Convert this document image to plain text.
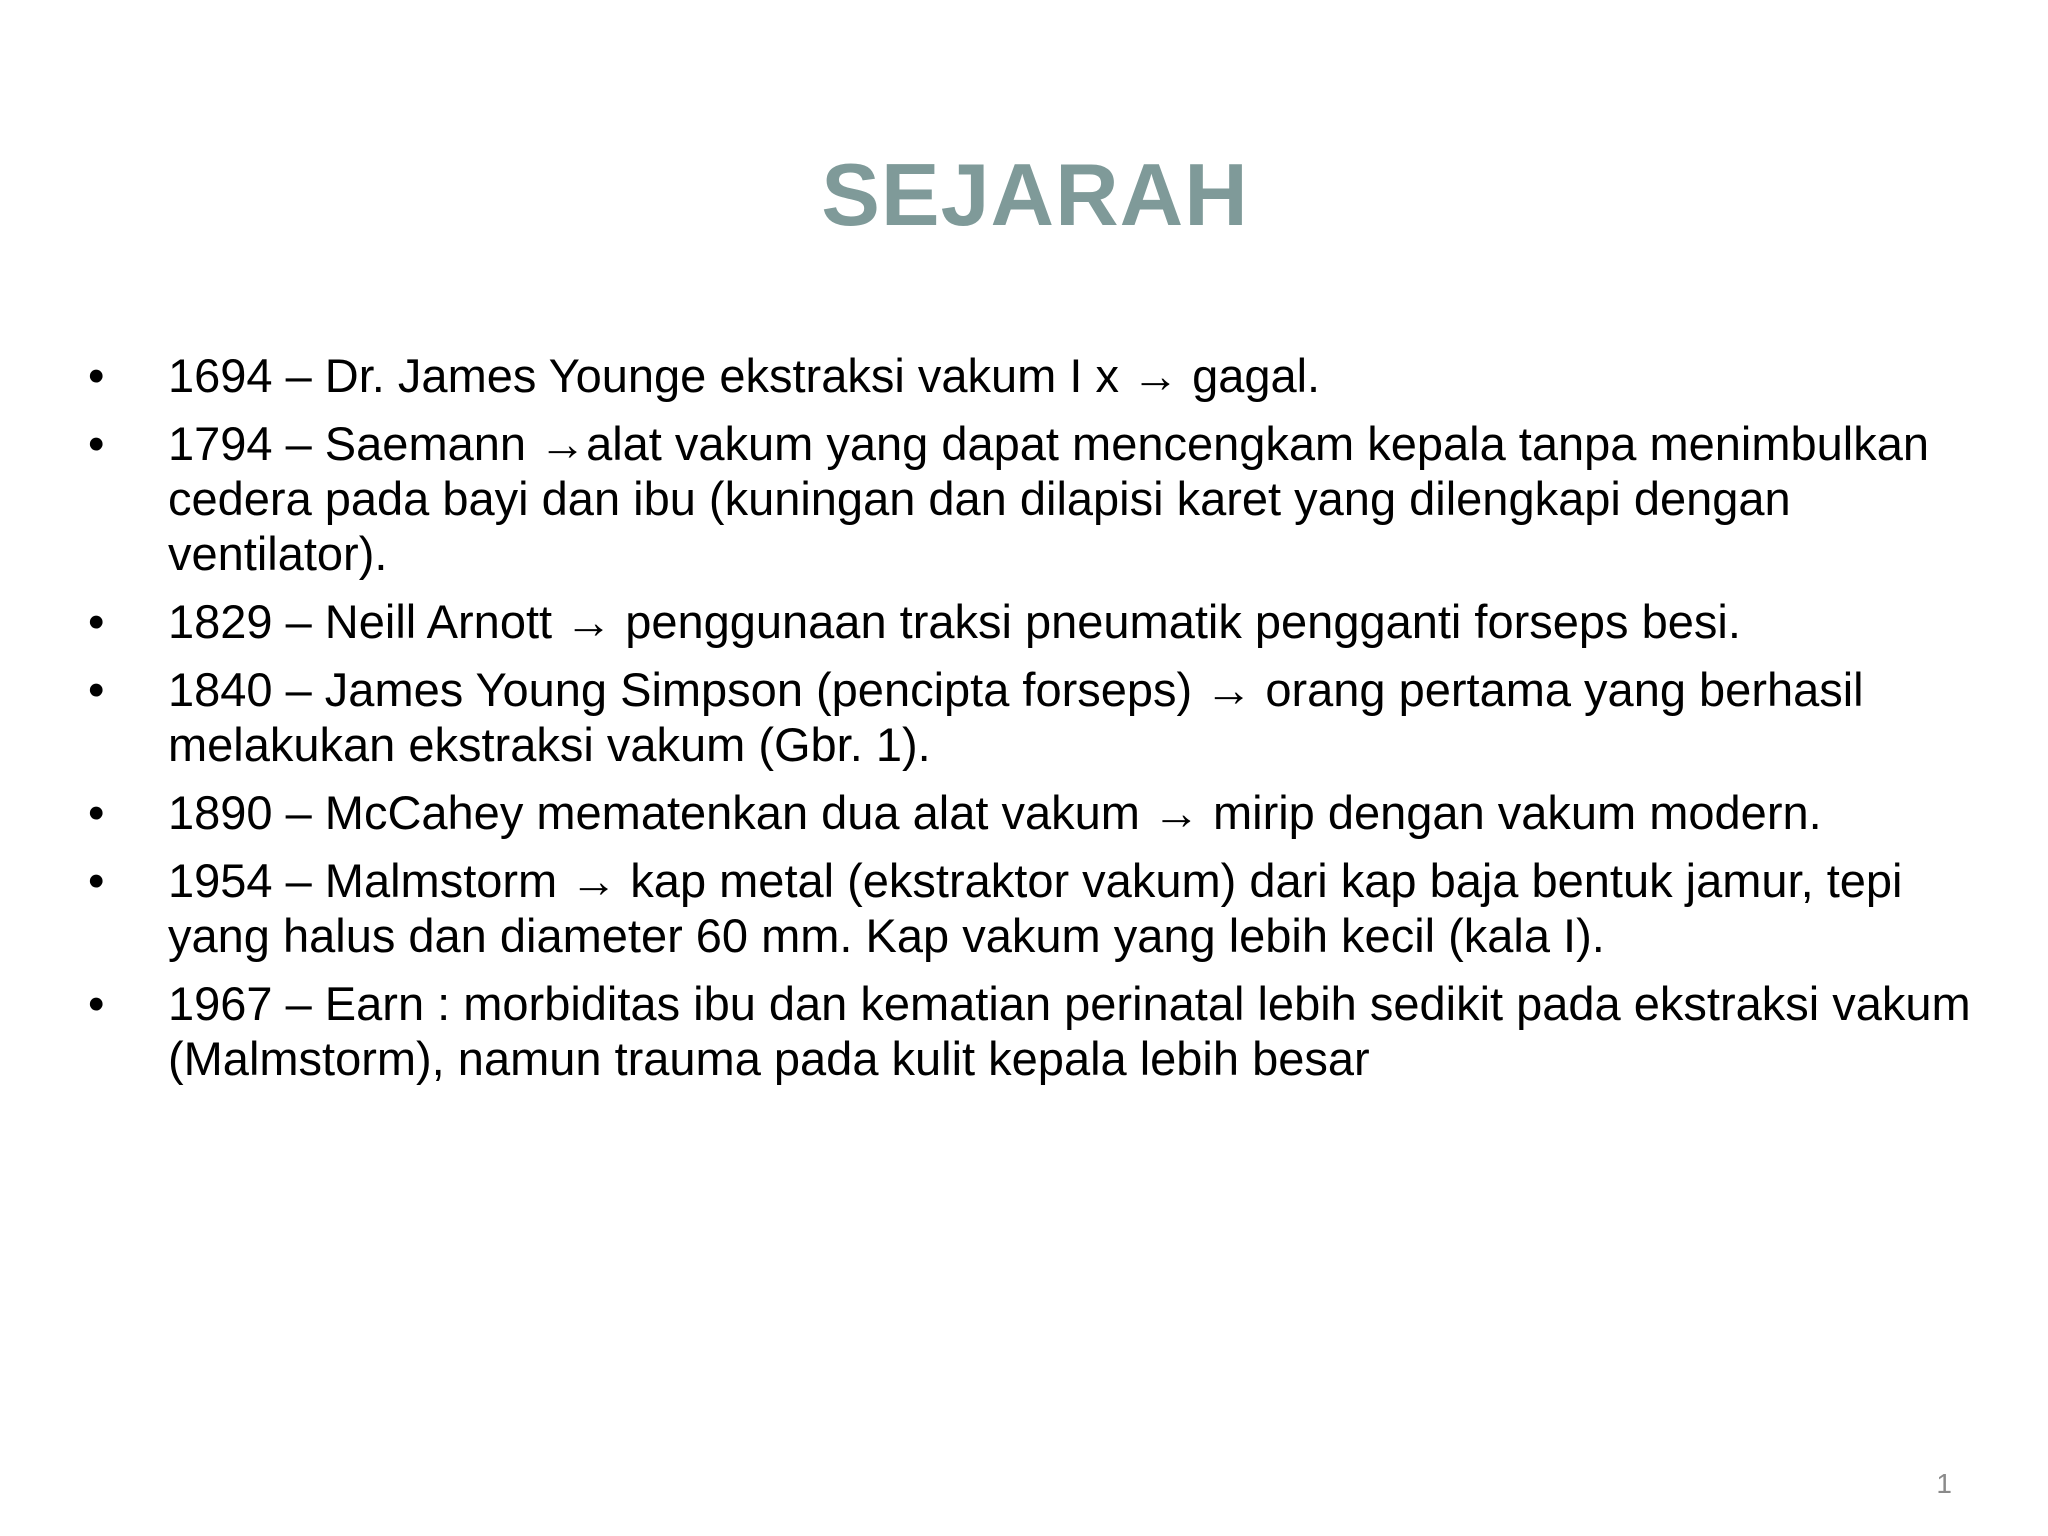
SEJARAH
• 1694 – Dr. James Younge ekstraksi vakum I x → gagal.
• 1794 – Saemann →alat vakum yang dapat mencengkam kepala tanpa menimbulkan cedera pada bayi dan ibu (kuningan dan dilapisi karet yang dilengkapi dengan ventilator).
• 1829 – Neill Arnott → penggunaan traksi pneumatik pengganti forseps besi.
• 1840 – James Young Simpson (pencipta forseps) → orang pertama yang berhasil melakukan ekstraksi vakum (Gbr. 1).
• 1890 – McCahey mematenkan dua alat vakum → mirip dengan vakum modern.
• 1954 – Malmstorm → kap metal (ekstraktor vakum) dari kap baja bentuk jamur, tepi yang halus dan diameter 60 mm. Kap vakum yang lebih kecil (kala I).
• 1967 – Earn : morbiditas ibu dan kematian perinatal lebih sedikit pada ekstraksi vakum (Malmstorm), namun trauma pada kulit kepala lebih besar
1
